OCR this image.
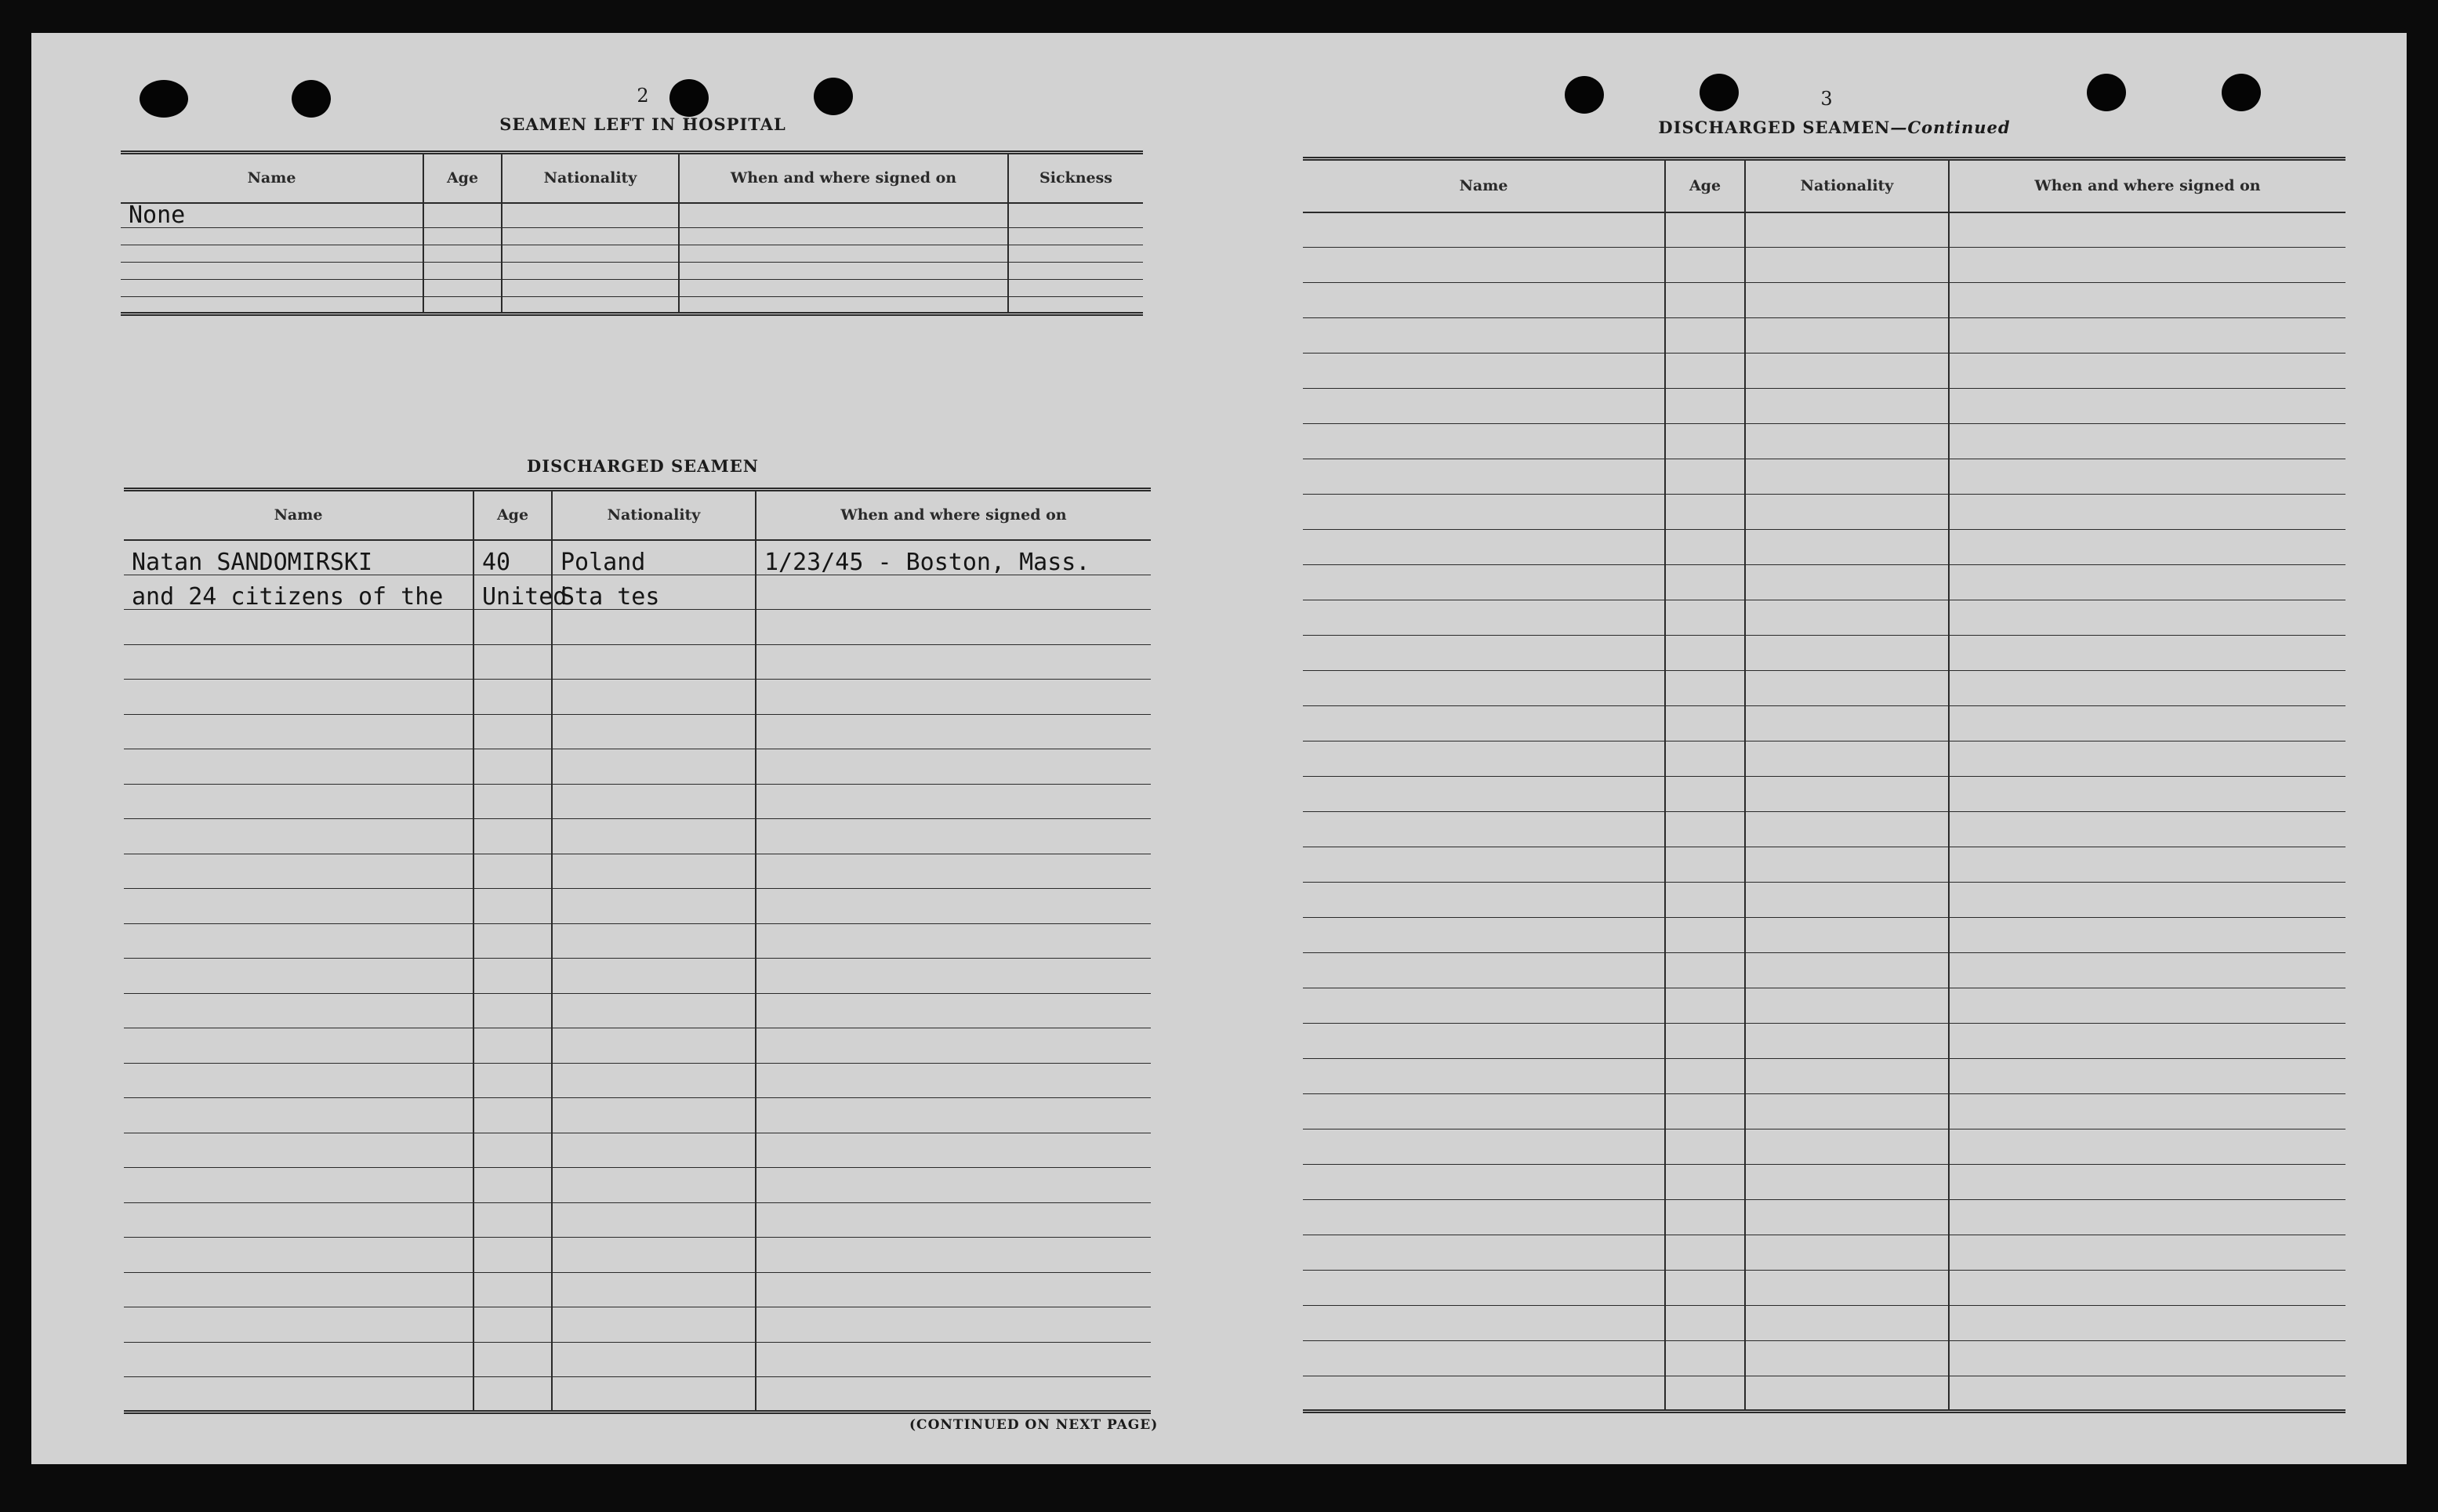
2
SEAMEN LEFT IN HOSPITAL
Name	Age	Nationality	When and where signed on	Sickness
None				

DISCHARGED SEAMEN
Name	Age	Nationality	When and where signed on
Natan SANDOMIRSKI	40	Poland	1/23/45 - Boston, Mass.
and 24 citizens of the	United	Sta tes	

(CONTINUED ON NEXT PAGE)
3
DISCHARGED SEAMEN—Continued
Name	Age	Nationality	When and where signed on
